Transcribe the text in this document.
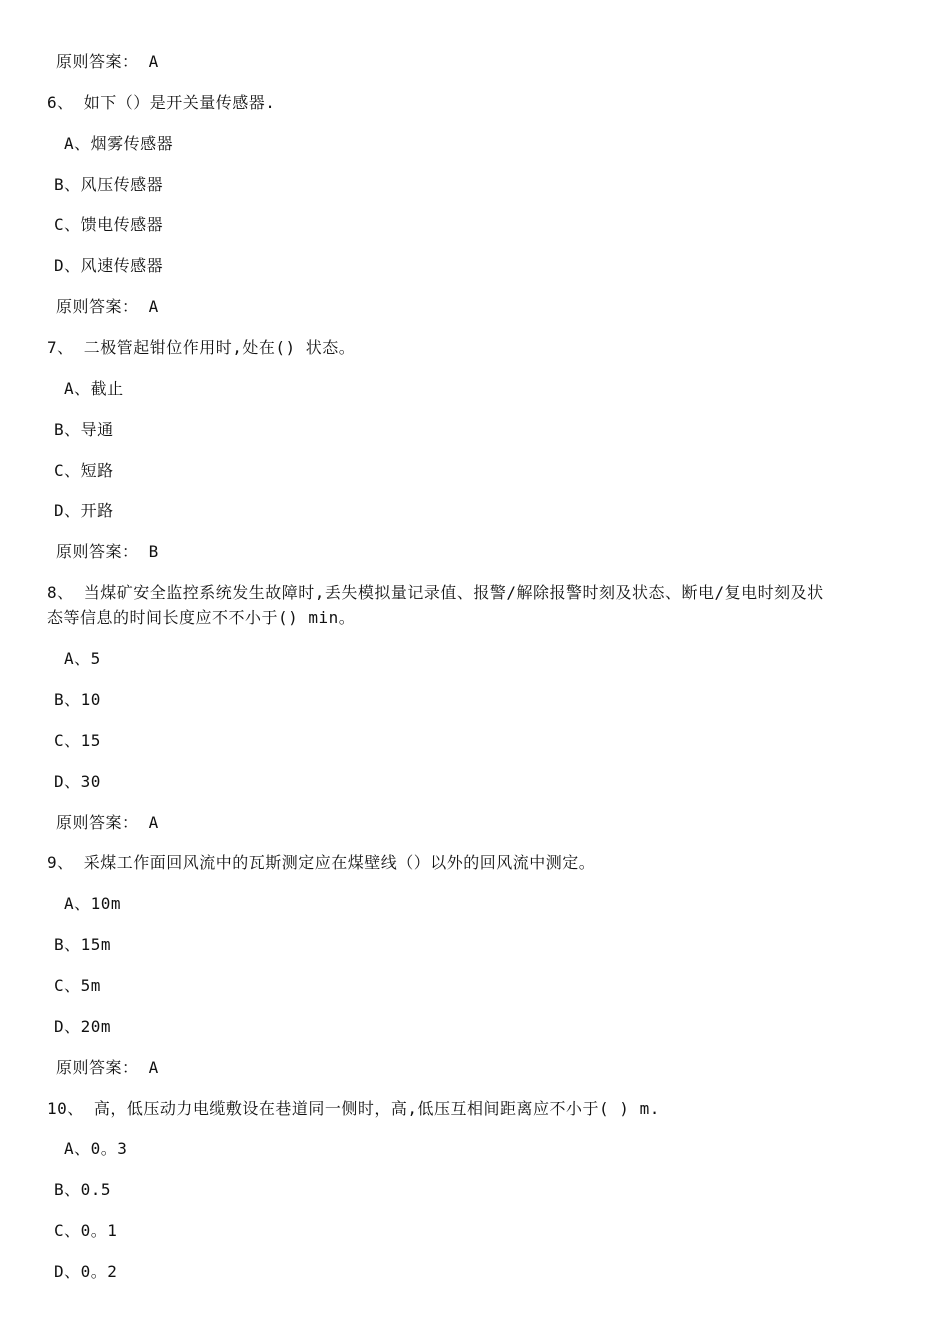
原则答案： A
6、 如下（）是开关量传感器.
A、烟雾传感器
B、风压传感器
C、馈电传感器
D、风速传感器
原则答案： A
7、 二极管起钳位作用时,处在() 状态。
A、截止
B、导通
C、短路
D、开路
原则答案： B
8、 当煤矿安全监控系统发生故障时,丢失模拟量记录值、报警/解除报警时刻及状态、断电/复电时刻及状
态等信息的时间长度应不不小于() min。
A、5
B、10
C、15
D、30
原则答案： A
9、 采煤工作面回风流中的瓦斯测定应在煤壁线（）以外的回风流中测定。
A、10m
B、15m
C、5m
D、20m
原则答案： A
10、 高，低压动力电缆敷设在巷道同一侧时，高,低压互相间距离应不小于( ) m.
A、0。3
B、0.5
C、0。1
D、0。2
